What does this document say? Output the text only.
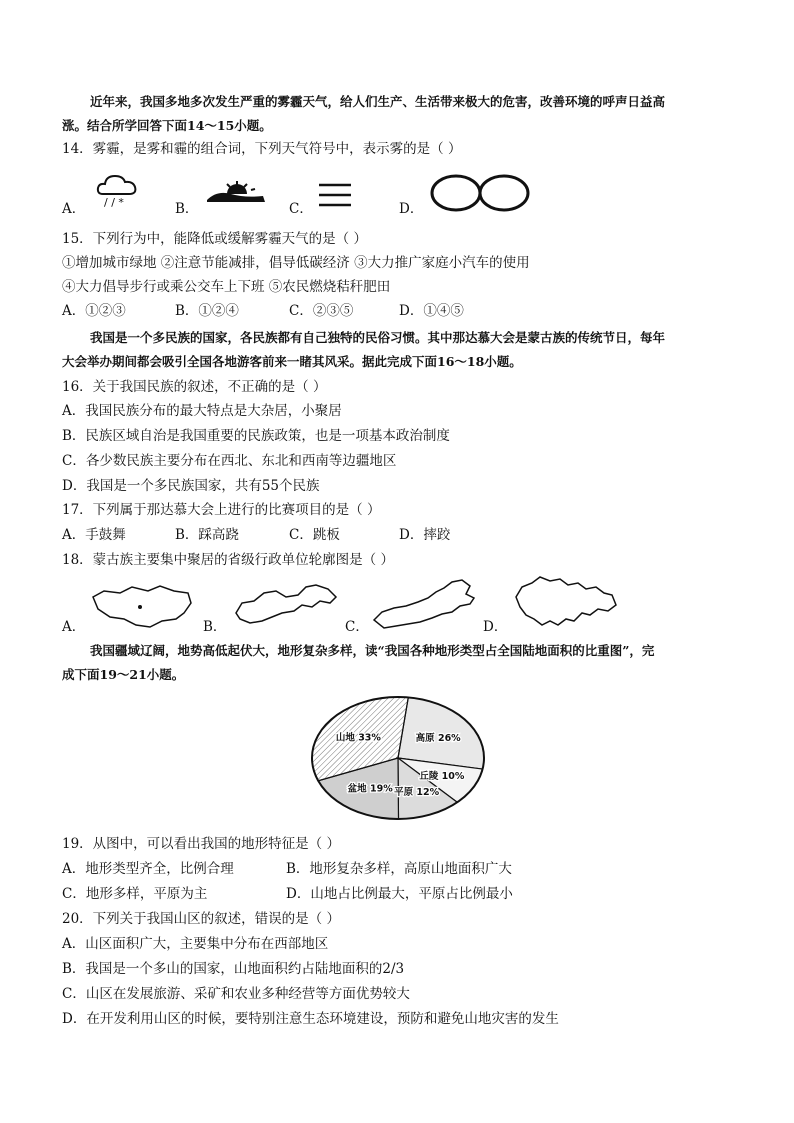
近年来，我国多地多次发生严重的雾霾天气，给人们生产、生活带来极大的危害，改善环境的呼声日益高
涨。结合所学回答下面14～15小题。
14．雾霾，是雾和霾的组合词，下列天气符号中，表示雾的是（ ）
A． / / *	B．	C．	D．
15．下列行为中，能降低或缓解雾霾天气的是（ ）
①增加城市绿地 ②注意节能减排，倡导低碳经济 ③大力推广家庭小汽车的使用
④大力倡导步行或乘公交车上下班 ⑤农民燃烧秸秆肥田
A．①②③	B．①②④	C．②③⑤	D．①④⑤
我国是一个多民族的国家，各民族都有自己独特的民俗习惯。其中那达慕大会是蒙古族的传统节日，每年
大会举办期间都会吸引全国各地游客前来一睹其风采。据此完成下面16～18小题。
16．关于我国民族的叙述，不正确的是（ ）
A．我国民族分布的最大特点是大杂居，小聚居
B．民族区域自治是我国重要的民族政策，也是一项基本政治制度
C．各少数民族主要分布在西北、东北和西南等边疆地区
D．我国是一个多民族国家，共有55个民族
17．下列属于那达慕大会上进行的比赛项目的是（ ）
A．手鼓舞	B．踩高跷	C．跳板	D．摔跤
18．蒙古族主要集中聚居的省级行政单位轮廓图是（ ）
A．	B．	C．	D．
我国疆域辽阔，地势高低起伏大，地形复杂多样，读“我国各种地形类型占全国陆地面积的比重图”，完
成下面19～21小题。
高原 26%
丘陵 10%
平原 12%
盆地 19%
山地 33%
19．从图中，可以看出我国的地形特征是（ ）
A．地形类型齐全，比例合理	B．地形复杂多样，高原山地面积广大
C．地形多样，平原为主	D．山地占比例最大，平原占比例最小
20．下列关于我国山区的叙述，错误的是（ ）
A．山区面积广大，主要集中分布在西部地区
B．我国是一个多山的国家，山地面积约占陆地面积的2/3
C．山区在发展旅游、采矿和农业多种经营等方面优势较大
D．在开发利用山区的时候，要特别注意生态环境建设，预防和避免山地灾害的发生
